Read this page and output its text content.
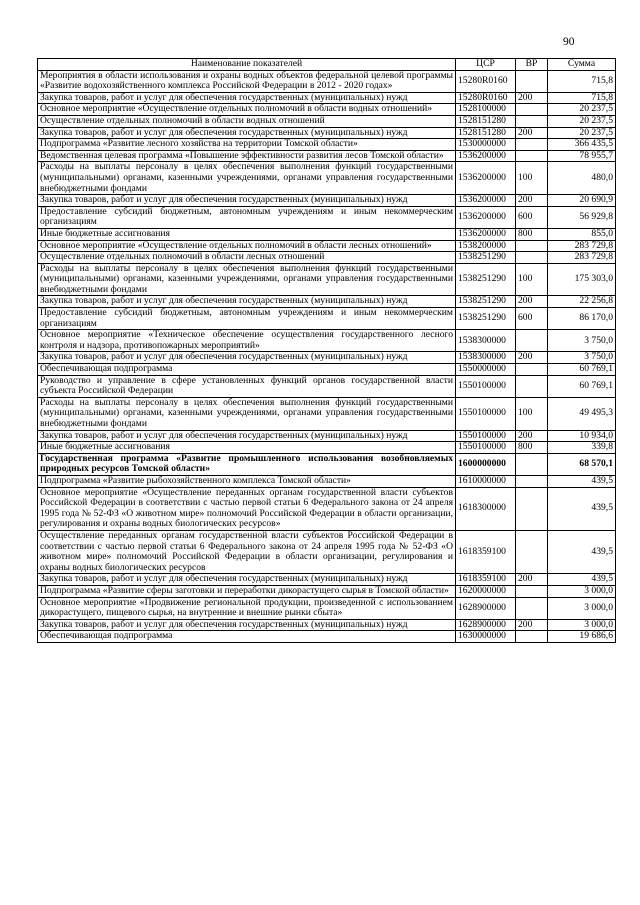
90
Наименование показателей	ЦСР	ВР	Сумма
Мероприятия в области использования и охраны водных объектов федеральной целевой программы «Развитие водохозяйственного комплекса Российской Федерации в 2012 - 2020 годах»	15280R0160		715,8
Закупка товаров, работ и услуг для обеспечения государственных (муниципальных) нужд	15280R0160	200	715,8
Основное мероприятие «Осуществление отдельных полномочий в области водных отношений»	1528100000		20 237,5
Осуществление отдельных полномочий в области водных отношений	1528151280		20 237,5
Закупка товаров, работ и услуг для обеспечения государственных (муниципальных) нужд	1528151280	200	20 237,5
Подпрограмма «Развитие лесного хозяйства на территории Томской области»	1530000000		366 435,5
Ведомственная целевая программа «Повышение эффективности развития лесов Томской области»	1536200000		78 955,7
Расходы на выплаты персоналу в целях обеспечения выполнения функций государственными (муниципальными) органами, казенными учреждениями, органами управления государственными внебюджетными фондами	1536200000	100	480,0
Закупка товаров, работ и услуг для обеспечения государственных (муниципальных) нужд	1536200000	200	20 690,9
Предоставление субсидий бюджетным, автономным учреждениям и иным некоммерческим организациям	1536200000	600	56 929,8
Иные бюджетные ассигнования	1536200000	800	855,0
Основное мероприятие «Осуществление отдельных полномочий в области лесных отношений»	1538200000		283 729,8
Осуществление отдельных полномочий в области лесных отношений	1538251290		283 729,8
Расходы на выплаты персоналу в целях обеспечения выполнения функций государственными (муниципальными) органами, казенными учреждениями, органами управления государственными внебюджетными фондами	1538251290	100	175 303,0
Закупка товаров, работ и услуг для обеспечения государственных (муниципальных) нужд	1538251290	200	22 256,8
Предоставление субсидий бюджетным, автономным учреждениям и иным некоммерческим организациям	1538251290	600	86 170,0
Основное мероприятие «Техническое обеспечение осуществления государственного лесного контроля и надзора, противопожарных мероприятий»	1538300000		3 750,0
Закупка товаров, работ и услуг для обеспечения государственных (муниципальных) нужд	1538300000	200	3 750,0
Обеспечивающая подпрограмма	1550000000		60 769,1
Руководство и управление в сфере установленных функций органов государственной власти субъекта Российской Федерации	1550100000		60 769,1
Расходы на выплаты персоналу в целях обеспечения выполнения функций государственными (муниципальными) органами, казенными учреждениями, органами управления государственными внебюджетными фондами	1550100000	100	49 495,3
Закупка товаров, работ и услуг для обеспечения государственных (муниципальных) нужд	1550100000	200	10 934,0
Иные бюджетные ассигнования	1550100000	800	339,8
Государственная программа «Развитие промышленного использования возобновляемых природных ресурсов Томской области»	1600000000		68 570,1
Подпрограмма «Развитие рыбохозяйственного комплекса Томской области»	1610000000		439,5
Основное мероприятие «Осуществление переданных органам государственной власти субъектов Российской Федерации в соответствии с частью первой статьи 6 Федерального закона от 24 апреля 1995 года № 52-ФЗ «О животном мире» полномочий Российской Федерации в области организации, регулирования и охраны водных биологических ресурсов»	1618300000		439,5
Осуществление переданных органам государственной власти субъектов Российской Федерации в соответствии с частью первой статьи 6 Федерального закона от 24 апреля 1995 года № 52-ФЗ «О животном мире» полномочий Российской Федерации в области организации, регулирования и охраны водных биологических ресурсов	1618359100		439,5
Закупка товаров, работ и услуг для обеспечения государственных (муниципальных) нужд	1618359100	200	439,5
Подпрограмма «Развитие сферы заготовки и переработки дикорастущего сырья в Томской области»	1620000000		3 000,0
Основное мероприятие «Продвижение региональной продукции, произведенной с использованием дикорастущего, пищевого сырья, на внутренние и внешние рынки сбыта»	1628900000		3 000,0
Закупка товаров, работ и услуг для обеспечения государственных (муниципальных) нужд	1628900000	200	3 000,0
Обеспечивающая подпрограмма	1630000000		19 686,6
